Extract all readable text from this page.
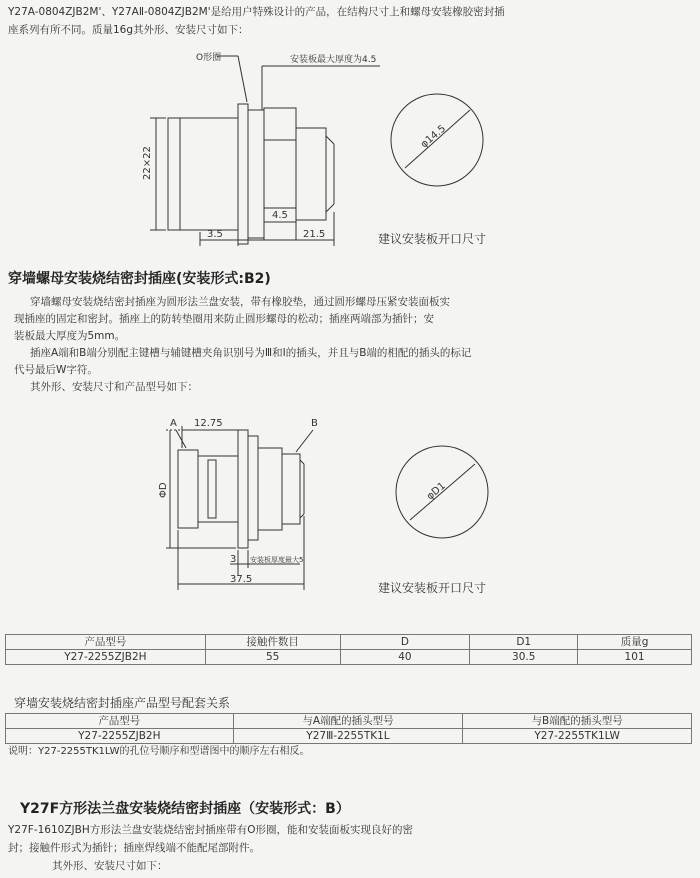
Y27A-0804ZJB2M'、Y27AⅡ-0804ZJB2M'是给用户特殊设计的产品，在结构尺寸上和螺母安装橡胶密封插
座系列有所不同。质量16g其外形、安装尺寸如下：
O形圈	安装板最大厚度为4.5
22×22
4.5
3.5	21.5
φ14.5
建议安装板开口尺寸
穿墙螺母安装烧结密封插座(安装形式:B2)
穿墙螺母安装烧结密封插座为圆形法兰盘安装，带有橡胶垫，通过圆形螺母压紧安装面板实
现插座的固定和密封。插座上的防转垫圈用来防止圆形螺母的松动；插座两端部为插针；安
装板最大厚度为5mm。
插座A端和B端分别配主键槽与辅键槽夹角识别号为Ⅲ和Ⅰ的插头，并且与B端的相配的插头的标记
代号最后W字符。
其外形、安装尺寸和产品型号如下：
A	B
12.75
ΦD
3 安装板厚度最大5
37.5
φD1
建议安装板开口尺寸
产品型号	接触件数目	D	D1	质量g
Y27-2255ZJB2H	55	40	30.5	101
穿墙安装烧结密封插座产品型号配套关系
产品型号	与A端配的插头型号	与B端配的插头型号
Y27-2255ZJB2H	Y27Ⅲ-2255TK1L	Y27-2255TK1LW
说明：Y27-2255TK1LW的孔位号顺序和型谱图中的顺序左右相反。
Y27F方形法兰盘安装烧结密封插座（安装形式：B）
Y27F-1610ZJBH方形法兰盘安装烧结密封插座带有O形圈，能和安装面板实现良好的密
封；接触件形式为插针；插座焊线端不能配尾部附件。
其外形、安装尺寸如下：
